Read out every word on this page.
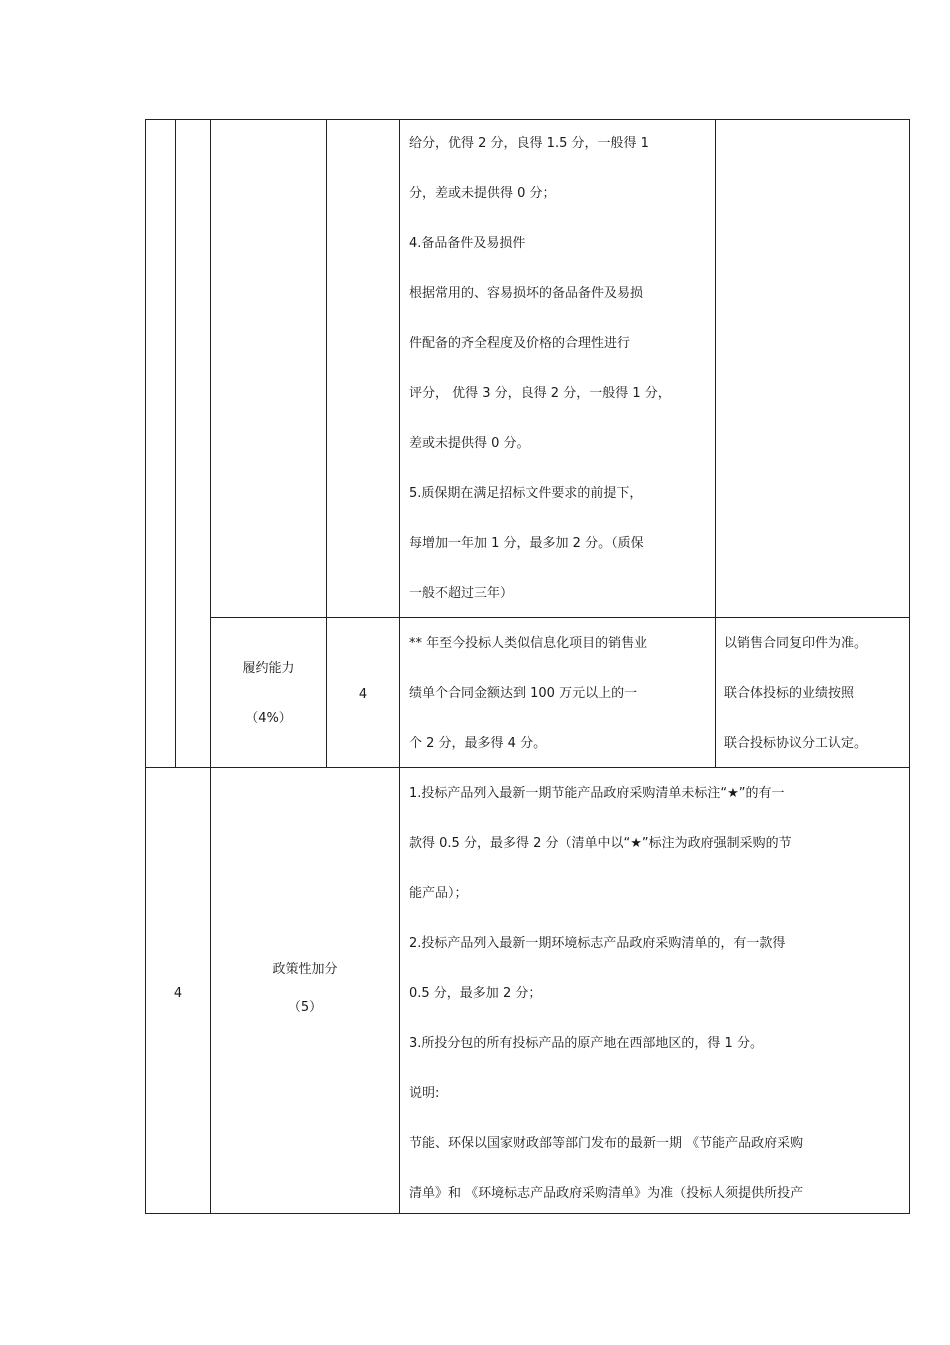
给分，优得 2 分，良得 1.5 分，一般得 1
分，差或未提供得 0 分；
4.备品备件及易损件
根据常用的、容易损坏的备品备件及易损
件配备的齐全程度及价格的合理性进行
评分， 优得 3 分，良得 2 分，一般得 1 分，
差或未提供得 0 分。
5.质保期在满足招标文件要求的前提下，
每增加一年加 1 分，最多加 2 分。（质保
一般不超过三年）
履约能力
（4%）
4
** 年至今投标人类似信息化项目的销售业
绩单个合同金额达到 100 万元以上的一
个 2 分，最多得 4 分。
以销售合同复印件为准。
联合体投标的业绩按照
联合投标协议分工认定。
4
政策性加分
（5）
1.投标产品列入最新一期节能产品政府采购清单未标注“★”的有一
款得 0.5 分，最多得 2 分（清单中以“★”标注为政府强制采购的节
能产品）；
2.投标产品列入最新一期环境标志产品政府采购清单的，有一款得
0.5 分，最多加 2 分；
3.所投分包的所有投标产品的原产地在西部地区的，得 1 分。
说明:
节能、环保以国家财政部等部门发布的最新一期 《节能产品政府采购
清单》和 《环境标志产品政府采购清单》为准（投标人须提供所投产
